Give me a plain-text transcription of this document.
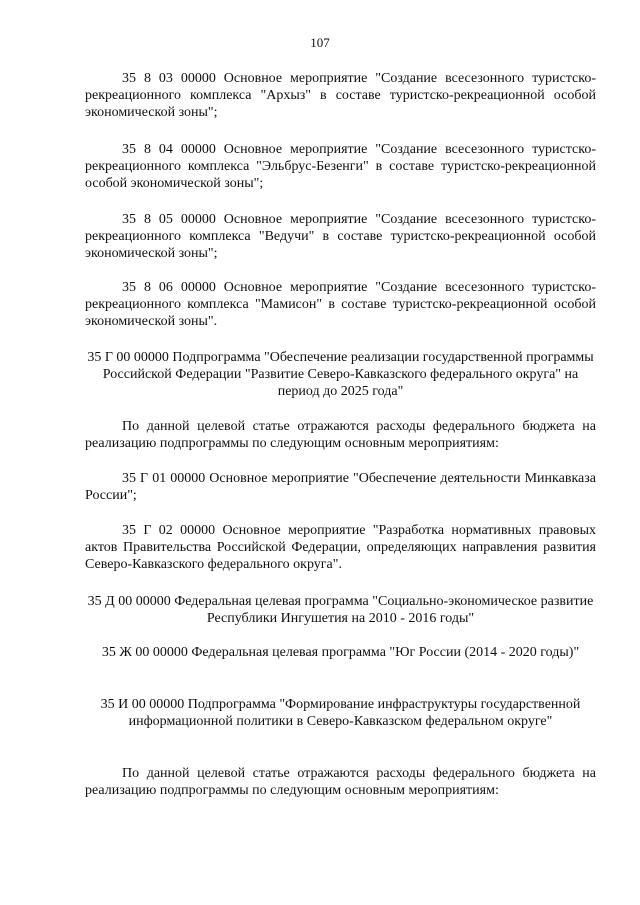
107

35 8 03 00000 Основное мероприятие "Создание всесезонного туристско-рекреационного комплекса "Архыз" в составе туристско-рекреационной особой экономической зоны";

35 8 04 00000 Основное мероприятие "Создание всесезонного туристско-рекреационного комплекса "Эльбрус-Безенги" в составе туристско-рекреационной особой экономической зоны";

35 8 05 00000 Основное мероприятие "Создание всесезонного туристско-рекреационного комплекса "Ведучи" в составе туристско-рекреационной особой экономической зоны";

35 8 06 00000 Основное мероприятие "Создание всесезонного туристско-рекреационного комплекса "Мамисон" в составе туристско-рекреационной особой экономической зоны".

35 Г 00 00000 Подпрограмма "Обеспечение реализации государственной программы Российской Федерации "Развитие Северо-Кавказского федерального округа" на период до 2025 года"

По данной целевой статье отражаются расходы федерального бюджета на реализацию подпрограммы по следующим основным мероприятиям:

35 Г 01 00000 Основное мероприятие "Обеспечение деятельности Минкавказа России";

35 Г 02 00000 Основное мероприятие "Разработка нормативных правовых актов Правительства Российской Федерации, определяющих направления развития Северо-Кавказского федерального округа".

35 Д 00 00000 Федеральная целевая программа "Социально-экономическое развитие Республики Ингушетия на 2010 - 2016 годы"

35 Ж 00 00000 Федеральная целевая программа "Юг России (2014 - 2020 годы)"

35 И 00 00000 Подпрограмма "Формирование инфраструктуры государственной информационной политики в Северо-Кавказском федеральном округе"

По данной целевой статье отражаются расходы федерального бюджета на реализацию подпрограммы по следующим основным мероприятиям:
